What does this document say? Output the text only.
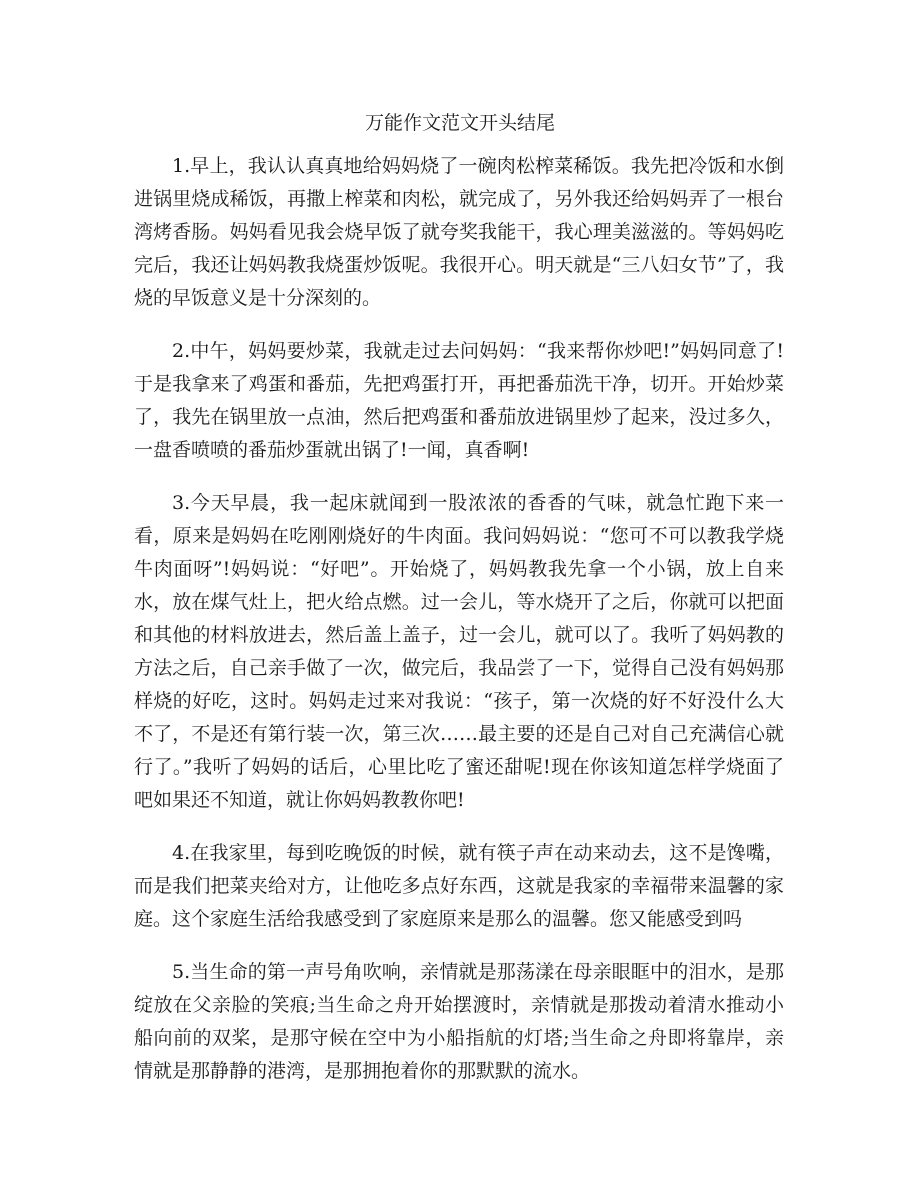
万能作文范文开头结尾

1.早上，我认认真真地给妈妈烧了一碗肉松榨菜稀饭。我先把冷饭和水倒进锅里烧成稀饭，再撒上榨菜和肉松，就完成了，另外我还给妈妈弄了一根台湾烤香肠。妈妈看见我会烧早饭了就夸奖我能干，我心理美滋滋的。等妈妈吃完后，我还让妈妈教我烧蛋炒饭呢。我很开心。明天就是“三八妇女节”了，我烧的早饭意义是十分深刻的。

2.中午，妈妈要炒菜，我就走过去问妈妈：“我来帮你炒吧!”妈妈同意了!于是我拿来了鸡蛋和番茄，先把鸡蛋打开，再把番茄洗干净，切开。开始炒菜了，我先在锅里放一点油，然后把鸡蛋和番茄放进锅里炒了起来，没过多久，一盘香喷喷的番茄炒蛋就出锅了!一闻，真香啊!

3.今天早晨，我一起床就闻到一股浓浓的香香的气味，就急忙跑下来一看，原来是妈妈在吃刚刚烧好的牛肉面。我问妈妈说：“您可不可以教我学烧牛肉面呀”!妈妈说：“好吧”。开始烧了，妈妈教我先拿一个小锅，放上自来水，放在煤气灶上，把火给点燃。过一会儿，等水烧开了之后，你就可以把面和其他的材料放进去，然后盖上盖子，过一会儿，就可以了。我听了妈妈教的方法之后，自己亲手做了一次，做完后，我品尝了一下，觉得自己没有妈妈那样烧的好吃，这时。妈妈走过来对我说：“孩子，第一次烧的好不好没什么大不了，不是还有第行装一次，第三次……最主要的还是自己对自己充满信心就行了。”我听了妈妈的话后，心里比吃了蜜还甜呢!现在你该知道怎样学烧面了吧如果还不知道，就让你妈妈教教你吧!

4.在我家里，每到吃晚饭的时候，就有筷子声在动来动去，这不是馋嘴，而是我们把菜夹给对方，让他吃多点好东西，这就是我家的幸福带来温馨的家庭。这个家庭生活给我感受到了家庭原来是那么的温馨。您又能感受到吗

5.当生命的第一声号角吹响，亲情就是那荡漾在母亲眼眶中的泪水，是那绽放在父亲脸的笑痕;当生命之舟开始摆渡时，亲情就是那拨动着清水推动小船向前的双桨，是那守候在空中为小船指航的灯塔;当生命之舟即将靠岸，亲情就是那静静的港湾，是那拥抱着你的那默默的流水。
